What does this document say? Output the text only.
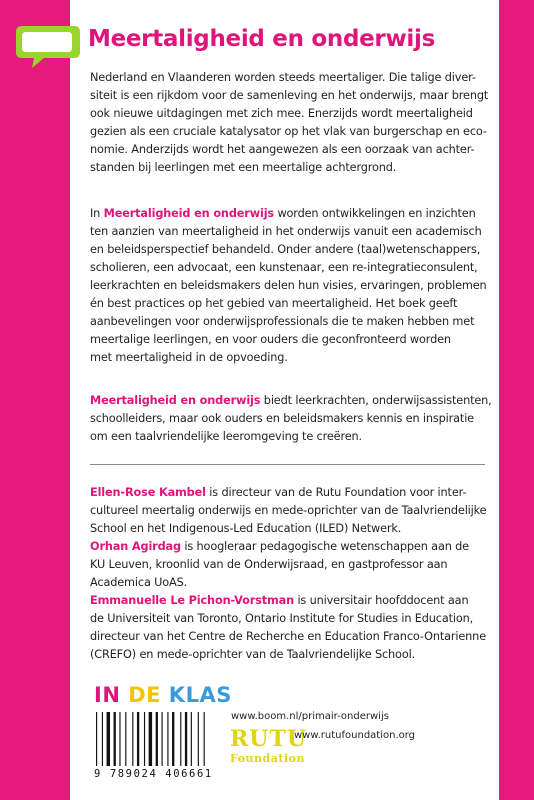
Meertaligheid en onderwijs
Nederland en Vlaanderen worden steeds meertaliger. Die talige diver-
siteit is een rijkdom voor de samenleving en het onderwijs, maar brengt
ook nieuwe uitdagingen met zich mee. Enerzijds wordt meertaligheid
gezien als een cruciale katalysator op het vlak van burgerschap en eco-
nomie. Anderzijds wordt het aangewezen als een oorzaak van achter-
standen bij leerlingen met een meertalige achtergrond.
In Meertaligheid en onderwijs worden ontwikkelingen en inzichten
ten aanzien van meertaligheid in het onderwijs vanuit een academisch
en beleidsperspectief behandeld. Onder andere (taal)wetenschappers,
scholieren, een advocaat, een kunstenaar, een re-integratieconsulent,
leerkrachten en beleidsmakers delen hun visies, ervaringen, problemen
én best practices op het gebied van meertaligheid. Het boek geeft
aanbevelingen voor onderwijsprofessionals die te maken hebben met
meertalige leerlingen, en voor ouders die geconfronteerd worden
met meertaligheid in de opvoeding.
Meertaligheid en onderwijs biedt leerkrachten, onderwijsassistenten,
schoolleiders, maar ook ouders en beleidsmakers kennis en inspiratie
om een taalvriendelijke leeromgeving te creëren.
Ellen-Rose Kambel is directeur van de Rutu Foundation voor inter-
cultureel meertalig onderwijs en mede-oprichter van de Taalvriendelijke
School en het Indigenous-Led Education (ILED) Netwerk.
Orhan Agirdag is hoogleraar pedagogische wetenschappen aan de
KU Leuven, kroonlid van de Onderwijsraad, en gastprofessor aan
Academica UoAS.
Emmanuelle Le Pichon-Vorstman is universitair hoofddocent aan
de Universiteit van Toronto, Ontario Institute for Studies in Education,
directeur van het Centre de Recherche en Education Franco-Ontarienne
(CREFO) en mede-oprichter van de Taalvriendelijke School.
IN DE KLAS
9 789024 406661
www.boom.nl/primair-onderwijs
RUTU
Foundation
www.rutufoundation.org
